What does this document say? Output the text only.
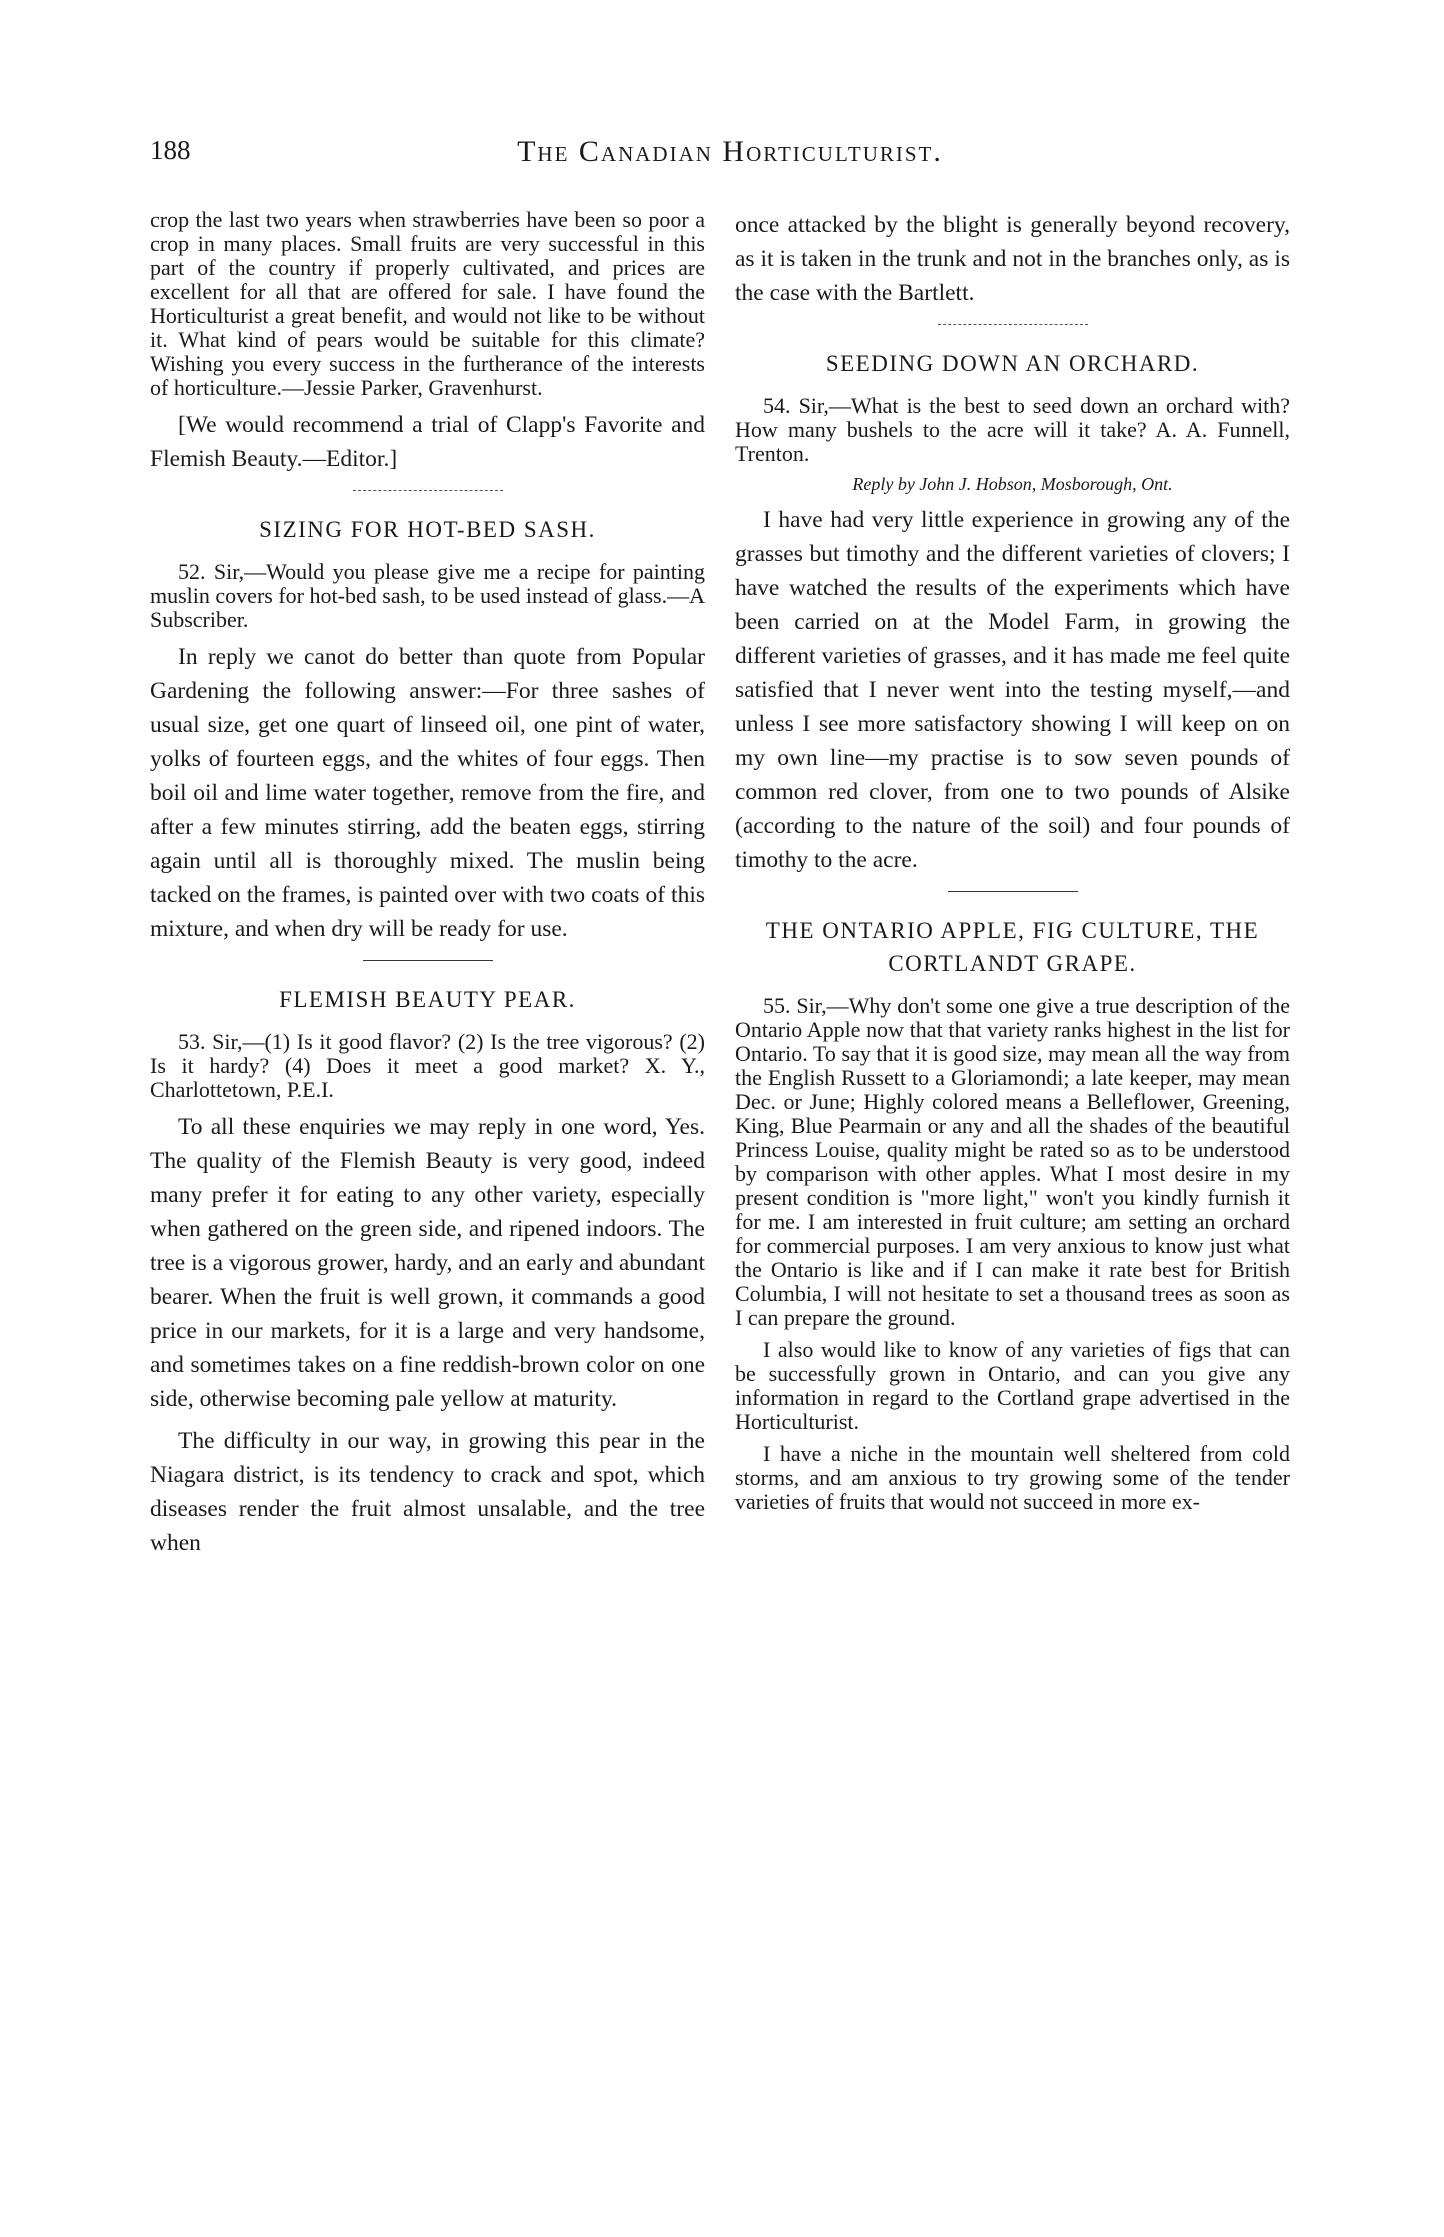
188	The Canadian Horticulturist.

crop the last two years when strawberries have been so poor a crop in many places. Small fruits are very successful in this part of the country if properly cultivated, and prices are excellent for all that are offered for sale. I have found the Horticulturist a great benefit, and would not like to be without it. What kind of pears would be suitable for this climate? Wishing you every success in the furtherance of the interests of horticulture.—Jessie Parker, Gravenhurst.

[We would recommend a trial of Clapp's Favorite and Flemish Beauty.—Editor.]

SIZING FOR HOT-BED SASH.

52. Sir,—Would you please give me a recipe for painting muslin covers for hot-bed sash, to be used instead of glass.—A Subscriber.

In reply we canot do better than quote from Popular Gardening the following answer:—For three sashes of usual size, get one quart of linseed oil, one pint of water, yolks of fourteen eggs, and the whites of four eggs. Then boil oil and lime water together, remove from the fire, and after a few minutes stirring, add the beaten eggs, stirring again until all is thoroughly mixed. The muslin being tacked on the frames, is painted over with two coats of this mixture, and when dry will be ready for use.

FLEMISH BEAUTY PEAR.

53. Sir,—(1) Is it good flavor? (2) Is the tree vigorous? (2) Is it hardy? (4) Does it meet a good market? X. Y., Charlottetown, P.E.I.

To all these enquiries we may reply in one word, Yes. The quality of the Flemish Beauty is very good, indeed many prefer it for eating to any other variety, especially when gathered on the green side, and ripened indoors. The tree is a vigorous grower, hardy, and an early and abundant bearer. When the fruit is well grown, it commands a good price in our markets, for it is a large and very handsome, and sometimes takes on a fine reddish-brown color on one side, otherwise becoming pale yellow at maturity.

The difficulty in our way, in growing this pear in the Niagara district, is its tendency to crack and spot, which diseases render the fruit almost unsalable, and the tree when

once attacked by the blight is generally beyond recovery, as it is taken in the trunk and not in the branches only, as is the case with the Bartlett.

SEEDING DOWN AN ORCHARD.

54. Sir,—What is the best to seed down an orchard with? How many bushels to the acre will it take? A. A. Funnell, Trenton.

Reply by John J. Hobson, Mosborough, Ont.

I have had very little experience in growing any of the grasses but timothy and the different varieties of clovers; I have watched the results of the experiments which have been carried on at the Model Farm, in growing the different varieties of grasses, and it has made me feel quite satisfied that I never went into the testing myself,—and unless I see more satisfactory showing I will keep on on my own line—my practise is to sow seven pounds of common red clover, from one to two pounds of Alsike (according to the nature of the soil) and four pounds of timothy to the acre.

THE ONTARIO APPLE, FIG CULTURE, THE CORTLANDT GRAPE.

55. Sir,—Why don't some one give a true description of the Ontario Apple now that that variety ranks highest in the list for Ontario. To say that it is good size, may mean all the way from the English Russett to a Gloriamondi; a late keeper, may mean Dec. or June; Highly colored means a Belleflower, Greening, King, Blue Pearmain or any and all the shades of the beautiful Princess Louise, quality might be rated so as to be understood by comparison with other apples. What I most desire in my present condition is "more light," won't you kindly furnish it for me. I am interested in fruit culture; am setting an orchard for commercial purposes. I am very anxious to know just what the Ontario is like and if I can make it rate best for British Columbia, I will not hesitate to set a thousand trees as soon as I can prepare the ground.

I also would like to know of any varieties of figs that can be successfully grown in Ontario, and can you give any information in regard to the Cortland grape advertised in the Horticulturist.

I have a niche in the mountain well sheltered from cold storms, and am anxious to try growing some of the tender varieties of fruits that would not succeed in more ex-
